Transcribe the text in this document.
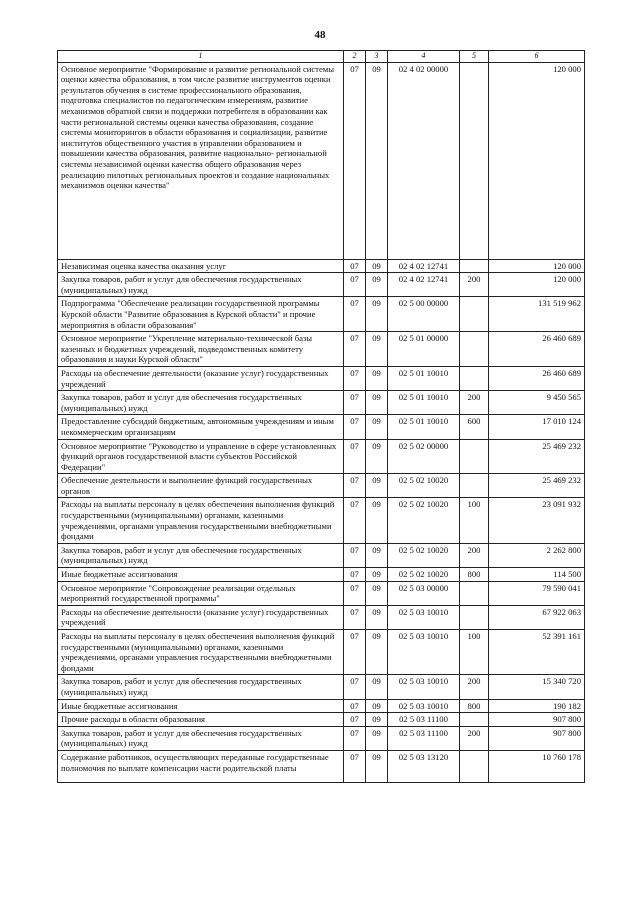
48
1	2	3	4	5	6
Основное мероприятие "Формирование и развитие региональной системы оценки качества образования, в том числе развитие инструментов оценки результатов обучения в системе профессионального образования, подготовка специалистов по педагогическим измерениям, развитие механизмов обратной связи и поддержки потребителя в образовании как части региональной системы оценки качества образования, создание системы мониторингов в области образования и социализации, развитие институтов общественного участия в управлении образованием и повышении качества образования, развитие национально- региональной системы независимой оценки качества общего образования через реализацию пилотных региональных проектов и создание национальных механизмов оценки качества"	07	09	02 4 02 00000		120 000
Независимая оценка качества оказания услуг	07	09	02 4 02 12741		120 000
Закупка товаров, работ и услуг для обеспечения государственных (муниципальных) нужд	07	09	02 4 02 12741	200	120 000
Подпрограмма "Обеспечение реализации государственной программы Курской области "Развитие образования в Курской области" и прочие мероприятия в области образования"	07	09	02 5 00 00000		131 519 962
Основное мероприятие "Укрепление материально-технической базы казенных и бюджетных учреждений, подведомственных комитету образования и науки Курской области"	07	09	02 5 01 00000		26 460 689
Расходы на обеспечение деятельности (оказание услуг) государственных учреждений	07	09	02 5 01 10010		26 460 689
Закупка товаров, работ и услуг для обеспечения государственных (муниципальных) нужд	07	09	02 5 01 10010	200	9 450 565
Предоставление субсидий бюджетным, автономным учреждениям и иным некоммерческим организациям	07	09	02 5 01 10010	600	17 010 124
Основное мероприятие "Руководство и управление в сфере установленных функций органов государственной власти субъектов Российской Федерации"	07	09	02 5 02 00000		25 469 232
Обеспечение деятельности и выполнение функций государственных органов	07	09	02 5 02 10020		25 469 232
Расходы на выплаты персоналу в целях обеспечения выполнения функций государственными (муниципальными) органами, казенными учреждениями, органами управления государственными внебюджетными фондами	07	09	02 5 02 10020	100	23 091 932
Закупка товаров, работ и услуг для обеспечения государственных (муниципальных) нужд	07	09	02 5 02 10020	200	2 262 800
Иные бюджетные ассигнования	07	09	02 5 02 10020	800	114 500
Основное мероприятие "Сопровождение реализации отдельных мероприятий государственной программы"	07	09	02 5 03 00000		79 590 041
Расходы на обеспечение деятельности (оказание услуг) государственных учреждений	07	09	02 5 03 10010		67 922 063
Расходы на выплаты персоналу в целях обеспечения выполнения функций государственными (муниципальными) органами, казенными учреждениями, органами управления государственными внебюджетными фондами	07	09	02 5 03 10010	100	52 391 161
Закупка товаров, работ и услуг для обеспечения государственных (муниципальных) нужд	07	09	02 5 03 10010	200	15 340 720
Иные бюджетные ассигнования	07	09	02 5 03 10010	800	190 182
Прочие расходы в области образования	07	09	02 5 03 11100		907 800
Закупка товаров, работ и услуг для обеспечения государственных (муниципальных) нужд	07	09	02 5 03 11100	200	907 800
Содержание работников, осуществляющих переданные государственные полномочия по выплате компенсации части родительской платы	07	09	02 5 03 13120		10 760 178
